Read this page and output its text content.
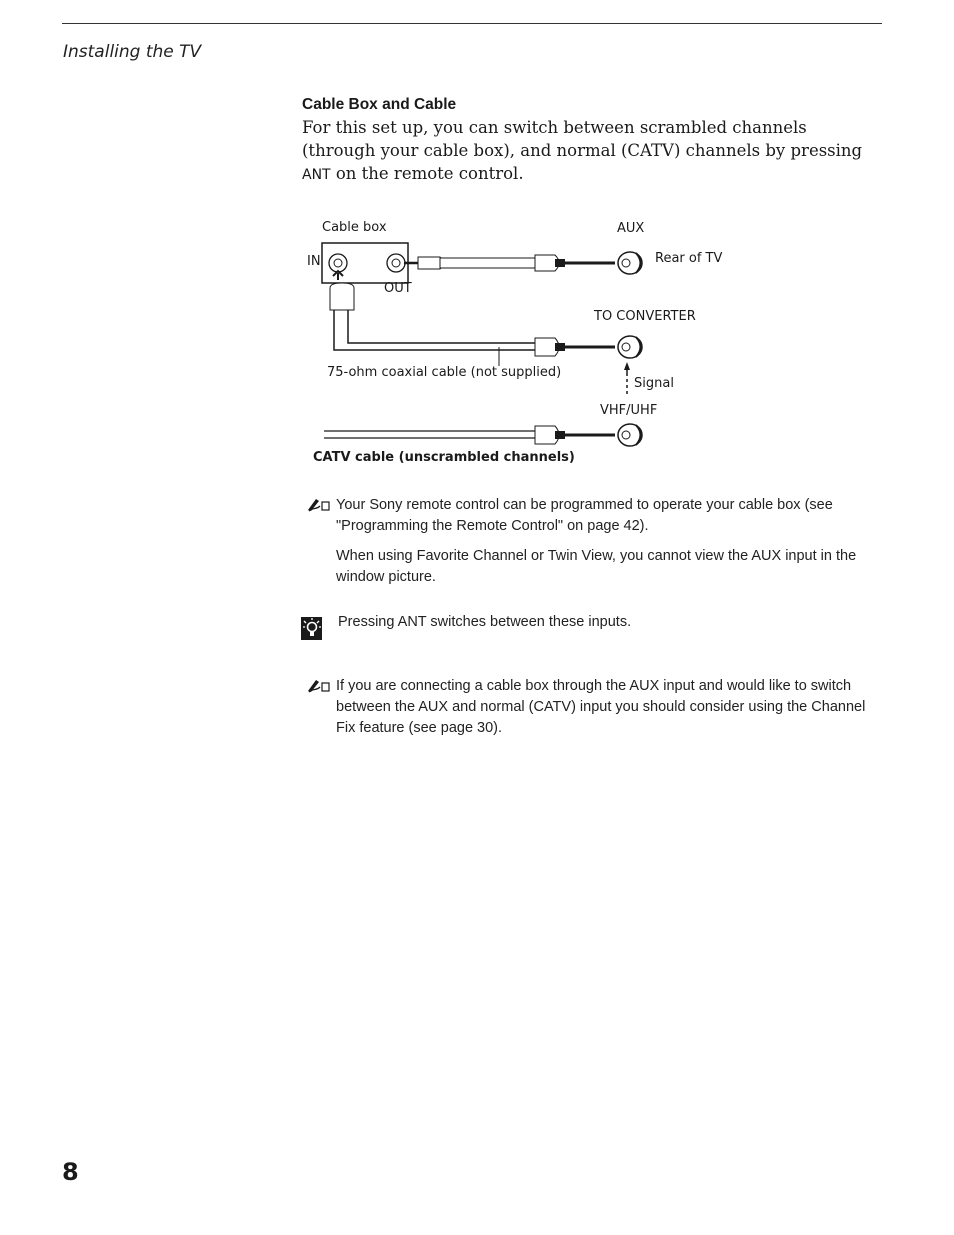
Installing the TV
Cable Box and Cable
For this set up, you can switch between scrambled channels (through your cable box), and normal (CATV) channels by pressing ANT on the remote control.
Cable box
IN
OUT
AUX
Rear of TV
TO CONVERTER
75-ohm coaxial cable (not supplied)
Signal
VHF/UHF
CATV cable (unscrambled channels)
Your Sony remote control can be programmed to operate your cable box (see "Programming the Remote Control" on page 42).
When using Favorite Channel or Twin View, you cannot view the AUX input in the window picture.
Pressing ANT switches between these inputs.
If you are connecting a cable box through the AUX input and would like to switch between the AUX and normal (CATV) input you should consider using the Channel Fix feature (see page 30).
8
